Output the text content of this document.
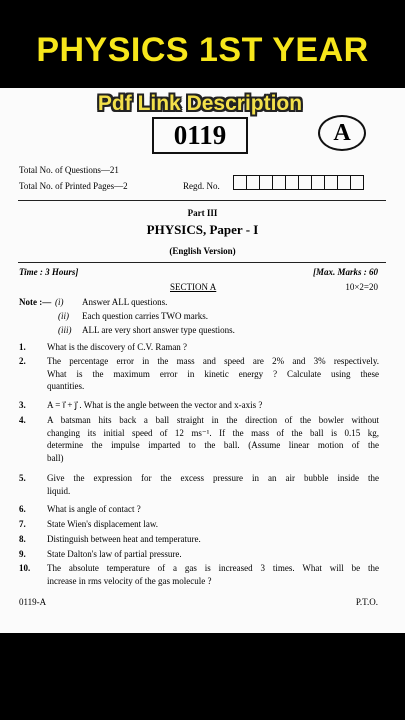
PHYSICS 1ST YEAR
Pdf Link Description
0119	A
Total No. of Questions—21
Total No. of Printed Pages—2	Regd. No.
Part III
PHYSICS, Paper - I
(English Version)
Time : 3 Hours]	[Max. Marks : 60
SECTION A	10×2=20
Note :— (i) Answer ALL questions.
(ii) Each question carries TWO marks.
(iii) ALL are very short answer type questions.
1. What is the discovery of C.V. Raman ?
2. The percentage error in the mass and speed are 2% and 3% respectively.
What is the maximum error in kinetic energy ? Calculate using these
quantities.
3. A = i⃗ + j⃗ . What is the angle between the vector and x-axis ?
4. A batsman hits back a ball straight in the direction of the bowler without
changing its initial speed of 12 ms⁻¹. If the mass of the ball is 0.15 kg,
determine the impulse imparted to the ball. (Assume linear motion of the
ball)
5. Give the expression for the excess pressure in an air bubble inside the
liquid.
6. What is angle of contact ?
7. State Wien's displacement law.
8. Distinguish between heat and temperature.
9. State Dalton's law of partial pressure.
10. The absolute temperature of a gas is increased 3 times. What will be the
increase in rms velocity of the gas molecule ?
0119-A	P.T.O.
